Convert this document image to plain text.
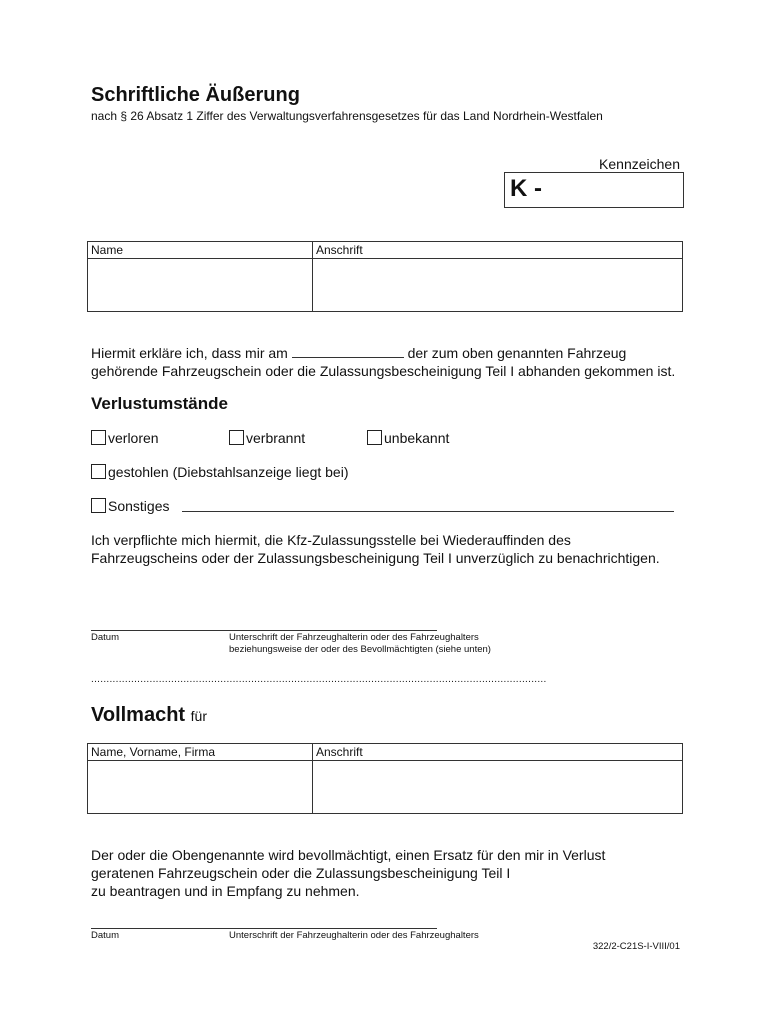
Schriftliche Äußerung
nach § 26 Absatz 1 Ziffer des Verwaltungsverfahrensgesetzes für das Land Nordrhein-Westfalen
Kennzeichen
K -
Name	Anschrift

Hiermit erkläre ich, dass mir am	der zum oben genannten Fahrzeug
gehörende Fahrzeugschein oder die Zulassungsbescheinigung Teil I abhanden gekommen ist.
Verlustumstände
verloren	verbrannt	unbekannt
gestohlen (Diebstahlsanzeige liegt bei)
Sonstiges
Ich verpflichte mich hiermit, die Kfz-Zulassungsstelle bei Wiederauffinden des
Fahrzeugscheins oder der Zulassungsbescheinigung Teil I unverzüglich zu benachrichtigen.
Datum	Unterschrift der Fahrzeughalterin oder des Fahrzeughalters
beziehungsweise der oder des Bevollmächtigten (siehe unten)
....................................................................................................................................................
Vollmacht für
Name, Vorname, Firma	Anschrift

Der oder die Obengenannte wird bevollmächtigt, einen Ersatz für den mir in Verlust
geratenen Fahrzeugschein oder die Zulassungsbescheinigung Teil I
zu beantragen und in Empfang zu nehmen.
Datum	Unterschrift der Fahrzeughalterin oder des Fahrzeughalters
322/2-C21S-I-VIII/01
